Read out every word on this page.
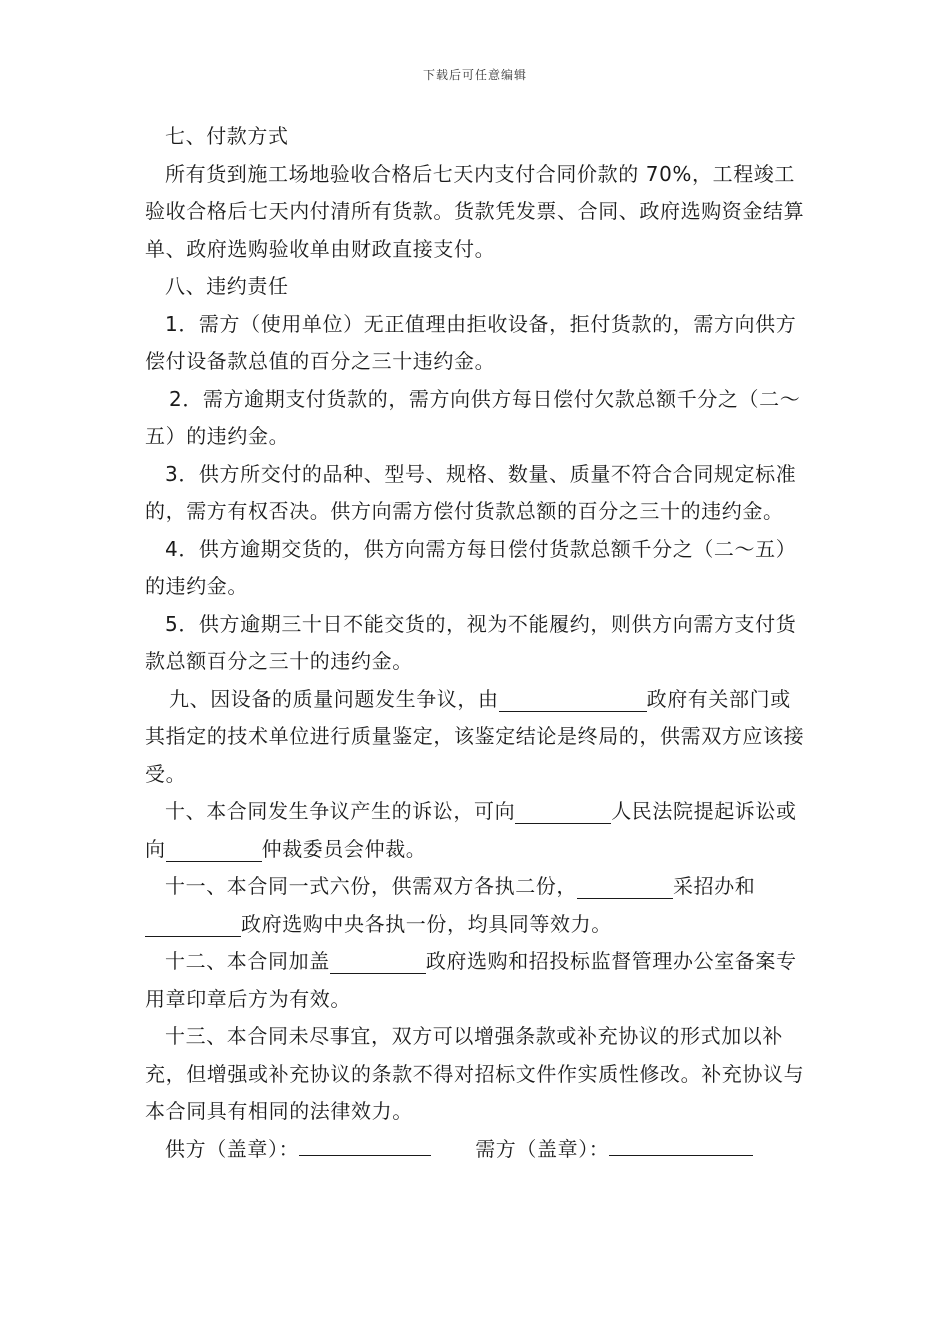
下载后可任意编辑

七、付款方式

所有货到施工场地验收合格后七天内支付合同价款的 70%，工程竣工验收合格后七天内付清所有货款。货款凭发票、合同、政府选购资金结算单、政府选购验收单由财政直接支付。

八、违约责任

1．需方（使用单位）无正值理由拒收设备，拒付货款的，需方向供方偿付设备款总值的百分之三十违约金。

2．需方逾期支付货款的，需方向供方每日偿付欠款总额千分之（二～五）的违约金。

3．供方所交付的品种、型号、规格、数量、质量不符合合同规定标准的，需方有权否决。供方向需方偿付货款总额的百分之三十的违约金。

4．供方逾期交货的，供方向需方每日偿付货款总额千分之（二～五）的违约金。

5．供方逾期三十日不能交货的，视为不能履约，则供方向需方支付货款总额百分之三十的违约金。

九、因设备的质量问题发生争议，由	政府有关部门或其指定的技术单位进行质量鉴定，该鉴定结论是终局的，供需双方应该接受。

十、本合同发生争议产生的诉讼，可向	人民法院提起诉讼或向	仲裁委员会仲裁。

十一、本合同一式六份，供需双方各执二份，	采招办和政府选购中央各执一份，均具同等效力。

十二、本合同加盖	政府选购和招投标监督管理办公室备案专用章印章后方为有效。

十三、本合同未尽事宜，双方可以增强条款或补充协议的形式加以补充，但增强或补充协议的条款不得对招标文件作实质性修改。补充协议与本合同具有相同的法律效力。

供方（盖章）：	需方（盖章）：
